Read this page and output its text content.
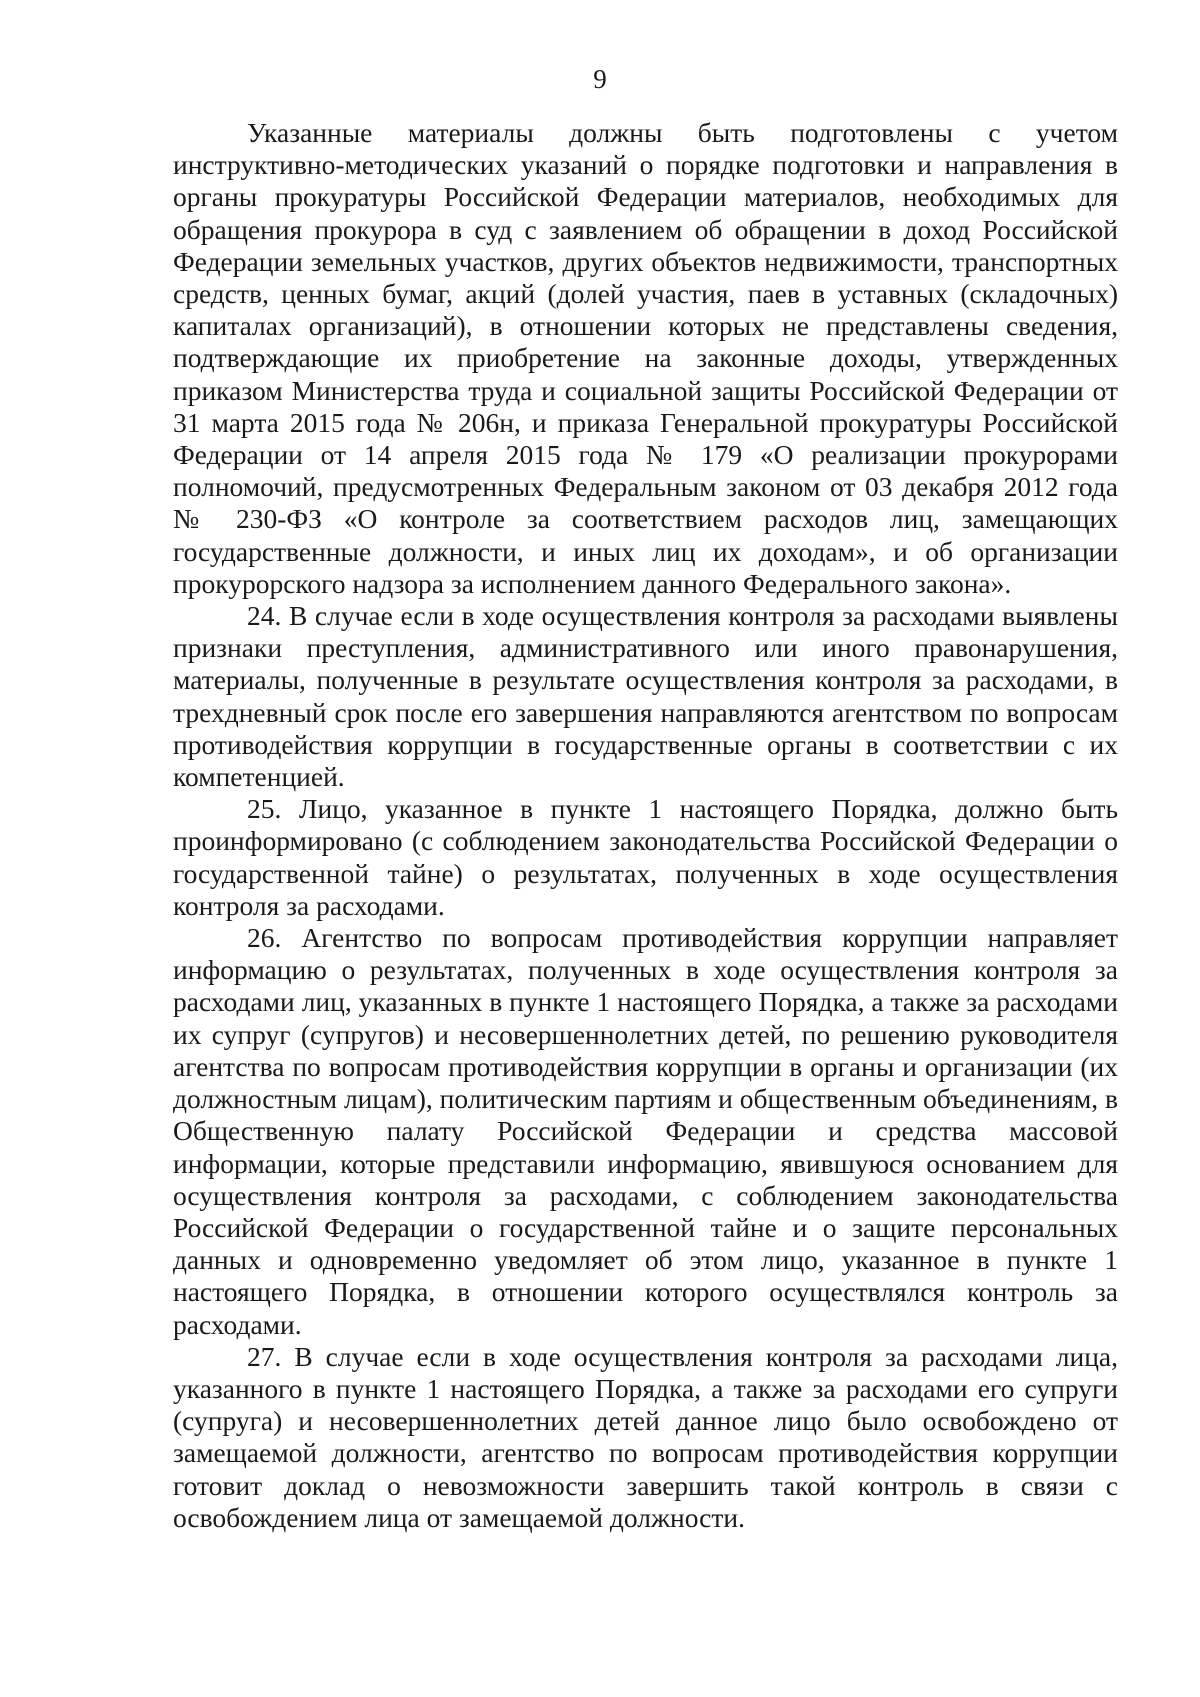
9

Указанные материалы должны быть подготовлены с учетом инструктивно-методических указаний о порядке подготовки и направления в органы прокуратуры Российской Федерации материалов, необходимых для обращения прокурора в суд с заявлением об обращении в доход Российской Федерации земельных участков, других объектов недвижимости, транспортных средств, ценных бумаг, акций (долей участия, паев в уставных (складочных) капиталах организаций), в отношении которых не представлены сведения, подтверждающие их приобретение на законные доходы, утвержденных приказом Министерства труда и социальной защиты Российской Федерации от 31 марта 2015 года № 206н, и приказа Генеральной прокуратуры Российской Федерации от 14 апреля 2015 года № 179 «О реализации прокурорами полномочий, предусмотренных Федеральным законом от 03 декабря 2012 года № 230-ФЗ «О контроле за соответствием расходов лиц, замещающих государственные должности, и иных лиц их доходам», и об организации прокурорского надзора за исполнением данного Федерального закона».

24. В случае если в ходе осуществления контроля за расходами выявлены признаки преступления, административного или иного правонарушения, материалы, полученные в результате осуществления контроля за расходами, в трехдневный срок после его завершения направляются агентством по вопросам противодействия коррупции в государственные органы в соответствии с их компетенцией.

25. Лицо, указанное в пункте 1 настоящего Порядка, должно быть проинформировано (с соблюдением законодательства Российской Федерации о государственной тайне) о результатах, полученных в ходе осуществления контроля за расходами.

26. Агентство по вопросам противодействия коррупции направляет информацию о результатах, полученных в ходе осуществления контроля за расходами лиц, указанных в пункте 1 настоящего Порядка, а также за расходами их супруг (супругов) и несовершеннолетних детей, по решению руководителя агентства по вопросам противодействия коррупции в органы и организации (их должностным лицам), политическим партиям и общественным объединениям, в Общественную палату Российской Федерации и средства массовой информации, которые представили информацию, явившуюся основанием для осуществления контроля за расходами, с соблюдением законодательства Российской Федерации о государственной тайне и о защите персональных данных и одновременно уведомляет об этом лицо, указанное в пункте 1 настоящего Порядка, в отношении которого осуществлялся контроль за расходами.

27. В случае если в ходе осуществления контроля за расходами лица, указанного в пункте 1 настоящего Порядка, а также за расходами его супруги (супруга) и несовершеннолетних детей данное лицо было освобождено от замещаемой должности, агентство по вопросам противодействия коррупции готовит доклад о невозможности завершить такой контроль в связи с освобождением лица от замещаемой должности.
